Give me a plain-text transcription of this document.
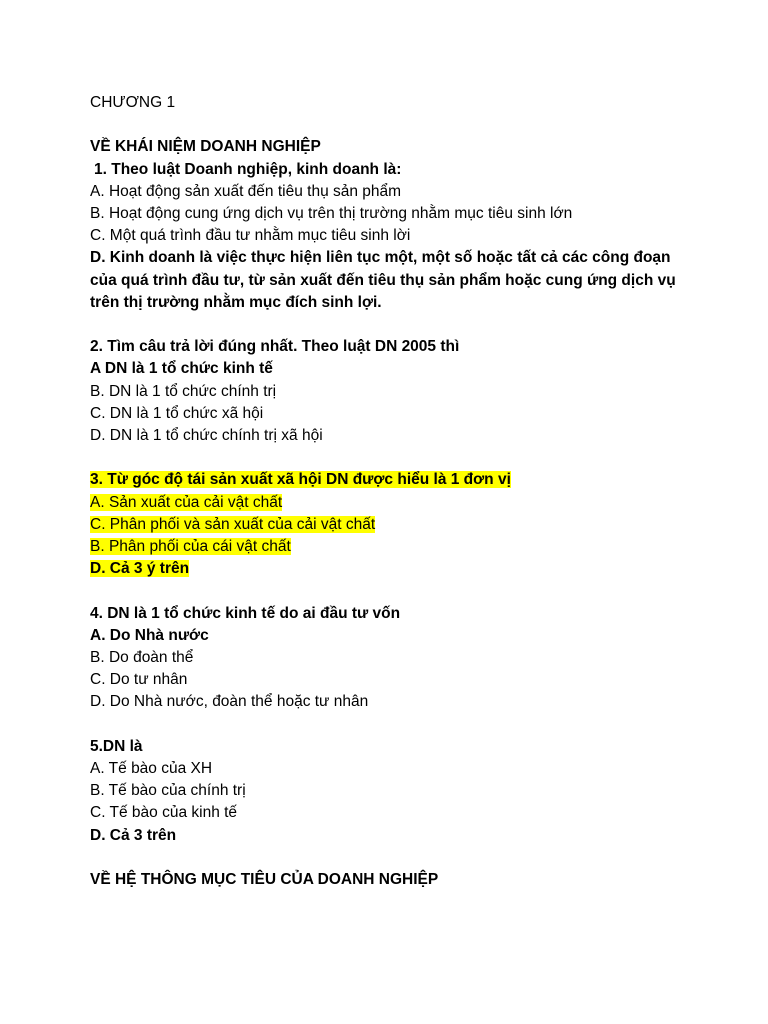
CHƯƠNG 1
VỀ KHÁI NIỆM DOANH NGHIỆP
1. Theo luật Doanh nghiệp, kinh doanh là:
A. Hoạt động sản xuất đến tiêu thụ sản phẩm
B. Hoạt động cung ứng dịch vụ trên thị trường nhằm mục tiêu sinh lớn
C. Một quá trình đầu tư nhằm mục tiêu sinh lời
D. Kinh doanh là việc thực hiện liên tục một, một số hoặc tất cả các công đoạn
của quá trình đầu tư, từ sản xuất đến tiêu thụ sản phẩm hoặc cung ứng dịch vụ
trên thị trường nhằm mục đích sinh lợi.
2. Tìm câu trả lời đúng nhất. Theo luật DN 2005 thì
A DN là 1 tổ chức kinh tế
B. DN là 1 tổ chức chính trị
C. DN là 1 tổ chức xã hội
D. DN là 1 tổ chức chính trị xã hội
3. Từ góc độ tái sản xuất xã hội DN được hiểu là 1 đơn vị
A. Sản xuất của cải vật chất
C. Phân phối và sản xuất của cải vật chất
B. Phân phối của cái vật chất
D. Cả 3 ý trên
4. DN là 1 tổ chức kinh tế do ai đầu tư vốn
A. Do Nhà nước
B. Do đoàn thể
C. Do tư nhân
D. Do Nhà nước, đoàn thể hoặc tư nhân
5.DN là
A. Tế bào của XH
B. Tế bào của chính trị
C. Tế bào của kinh tế
D. Cả 3 trên
VỀ HỆ THÔNG MỤC TIÊU CỦA DOANH NGHIỆP
